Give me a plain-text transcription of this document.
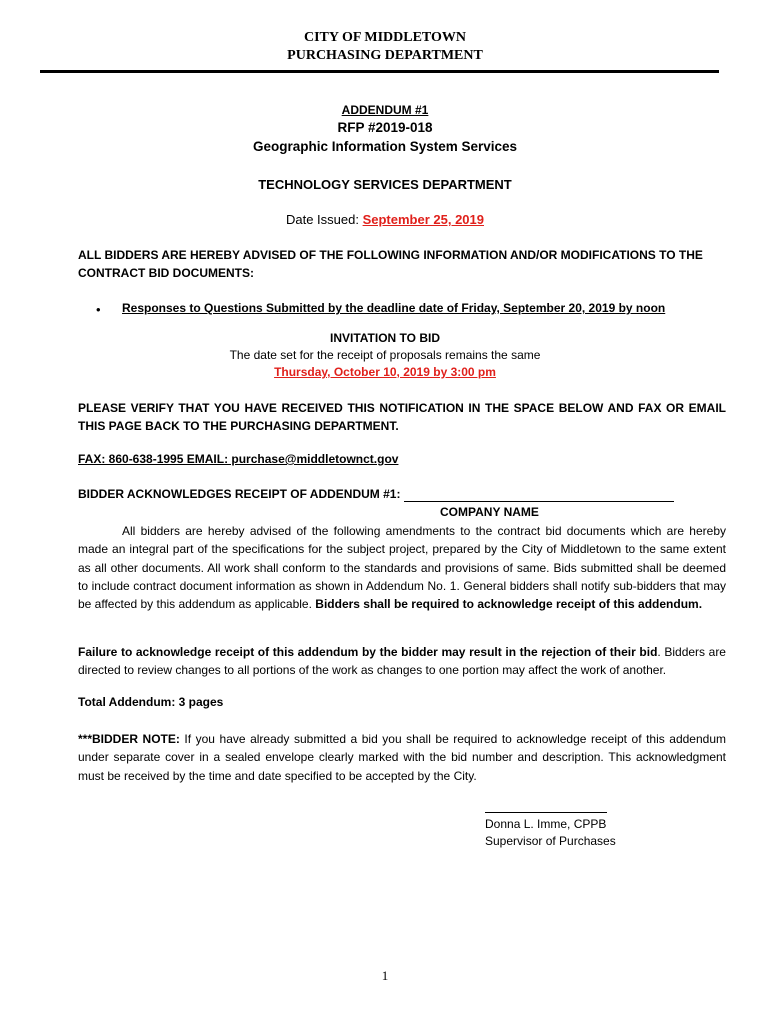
CITY OF MIDDLETOWN
PURCHASING DEPARTMENT
ADDENDUM #1
RFP #2019-018
Geographic Information System Services
TECHNOLOGY SERVICES DEPARTMENT
Date Issued: September 25, 2019
ALL BIDDERS ARE HEREBY ADVISED OF THE FOLLOWING INFORMATION AND/OR MODIFICATIONS TO THE CONTRACT BID DOCUMENTS:
• Responses to Questions Submitted by the deadline date of Friday, September 20, 2019 by noon
INVITATION TO BID
The date set for the receipt of proposals remains the same
Thursday, October 10, 2019 by 3:00 pm
PLEASE VERIFY THAT YOU HAVE RECEIVED THIS NOTIFICATION IN THE SPACE BELOW AND FAX OR EMAIL THIS PAGE BACK TO THE PURCHASING DEPARTMENT.
FAX: 860-638-1995 EMAIL: purchase@middletownct.gov
BIDDER ACKNOWLEDGES RECEIPT OF ADDENDUM #1:
COMPANY NAME
All bidders are hereby advised of the following amendments to the contract bid documents which are hereby made an integral part of the specifications for the subject project, prepared by the City of Middletown to the same extent as all other documents. All work shall conform to the standards and provisions of same. Bids submitted shall be deemed to include contract document information as shown in Addendum No. 1. General bidders shall notify sub-bidders that may be affected by this addendum as applicable. Bidders shall be required to acknowledge receipt of this addendum.
Failure to acknowledge receipt of this addendum by the bidder may result in the rejection of their bid. Bidders are directed to review changes to all portions of the work as changes to one portion may affect the work of another.
Total Addendum: 3 pages
***BIDDER NOTE: If you have already submitted a bid you shall be required to acknowledge receipt of this addendum under separate cover in a sealed envelope clearly marked with the bid number and description. This acknowledgment must be received by the time and date specified to be accepted by the City.
Donna L. Imme, CPPB
Supervisor of Purchases
1
